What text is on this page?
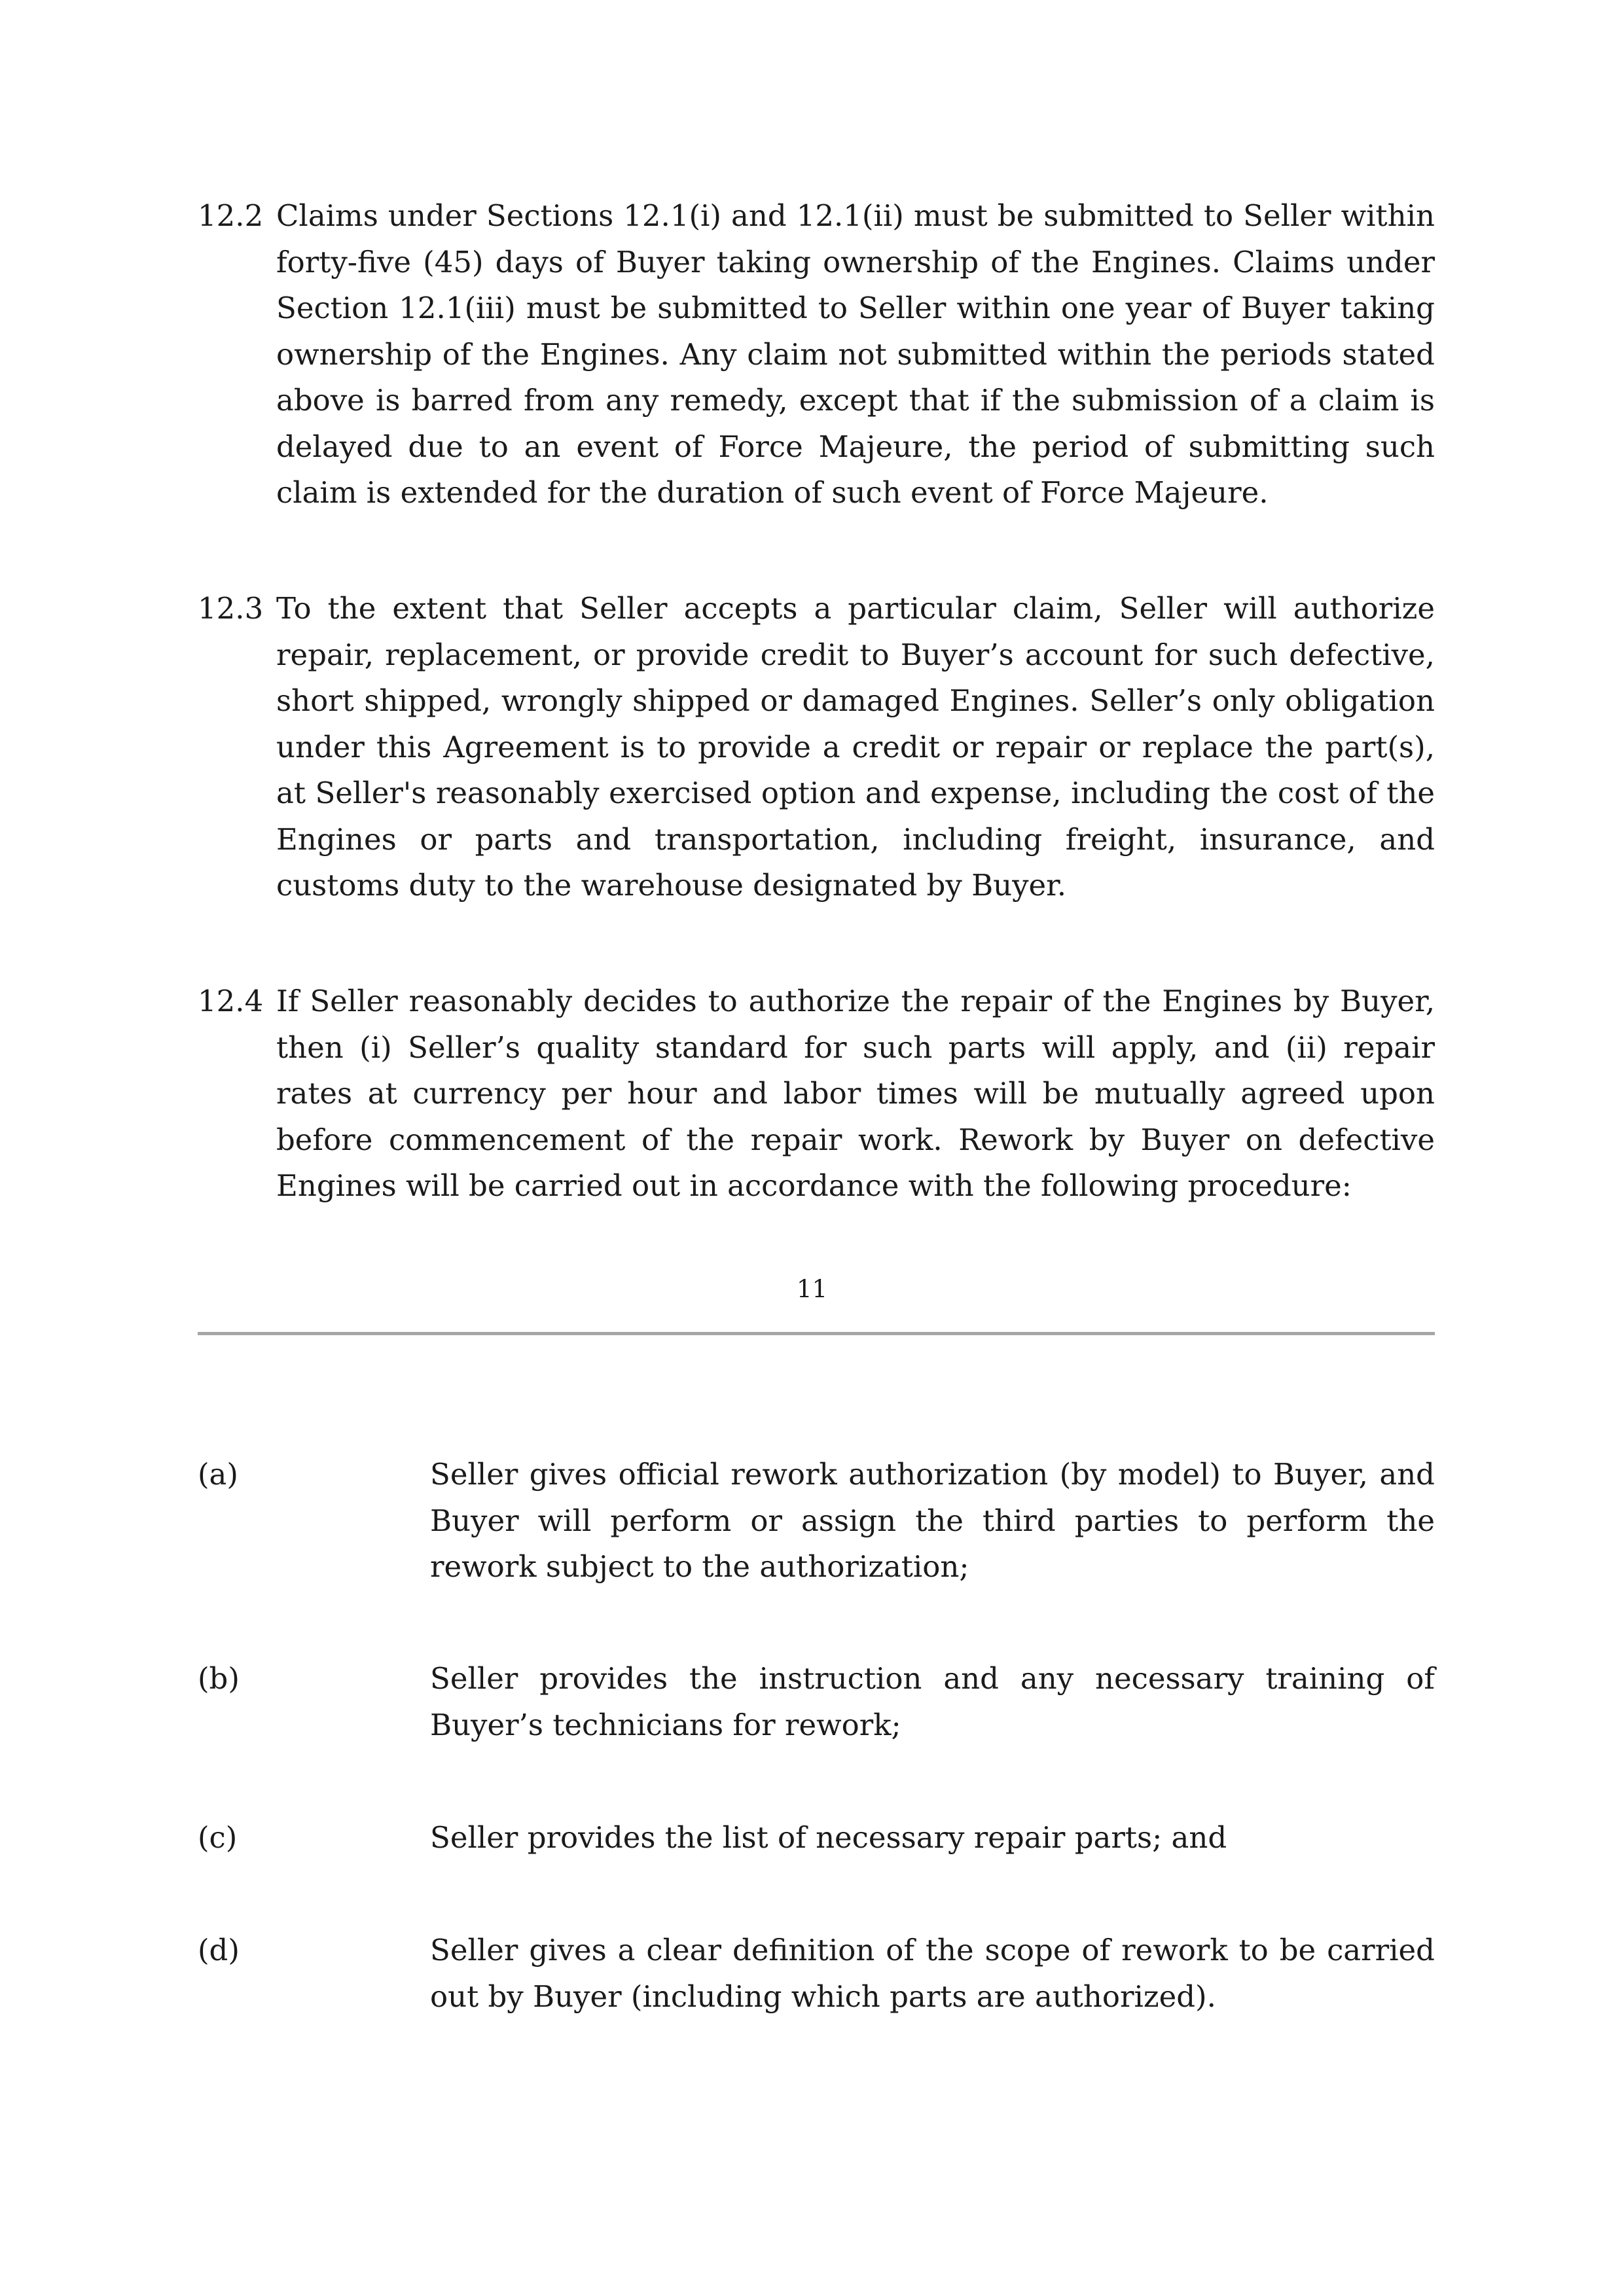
12.2 Claims under Sections 12.1(i) and 12.1(ii) must be submitted to Seller within forty-five (45) days of Buyer taking ownership of the Engines. Claims under Section 12.1(iii) must be submitted to Seller within one year of Buyer taking ownership of the Engines. Any claim not submitted within the periods stated above is barred from any remedy, except that if the submission of a claim is delayed due to an event of Force Majeure, the period of submitting such claim is extended for the duration of such event of Force Majeure.
12.3 To the extent that Seller accepts a particular claim, Seller will authorize repair, replacement, or provide credit to Buyer’s account for such defective, short shipped, wrongly shipped or damaged Engines. Seller’s only obligation under this Agreement is to provide a credit or repair or replace the part(s), at Seller's reasonably exercised option and expense, including the cost of the Engines or parts and transportation, including freight, insurance, and customs duty to the warehouse designated by Buyer.
12.4 If Seller reasonably decides to authorize the repair of the Engines by Buyer, then (i) Seller’s quality standard for such parts will apply, and (ii) repair rates at currency per hour and labor times will be mutually agreed upon before commencement of the repair work. Rework by Buyer on defective Engines will be carried out in accordance with the following procedure:
11
(a)	Seller gives official rework authorization (by model) to Buyer, and Buyer will perform or assign the third parties to perform the rework subject to the authorization;
(b)	Seller provides the instruction and any necessary training of Buyer’s technicians for rework;
(c)	Seller provides the list of necessary repair parts; and
(d)	Seller gives a clear definition of the scope of rework to be carried out by Buyer (including which parts are authorized).
